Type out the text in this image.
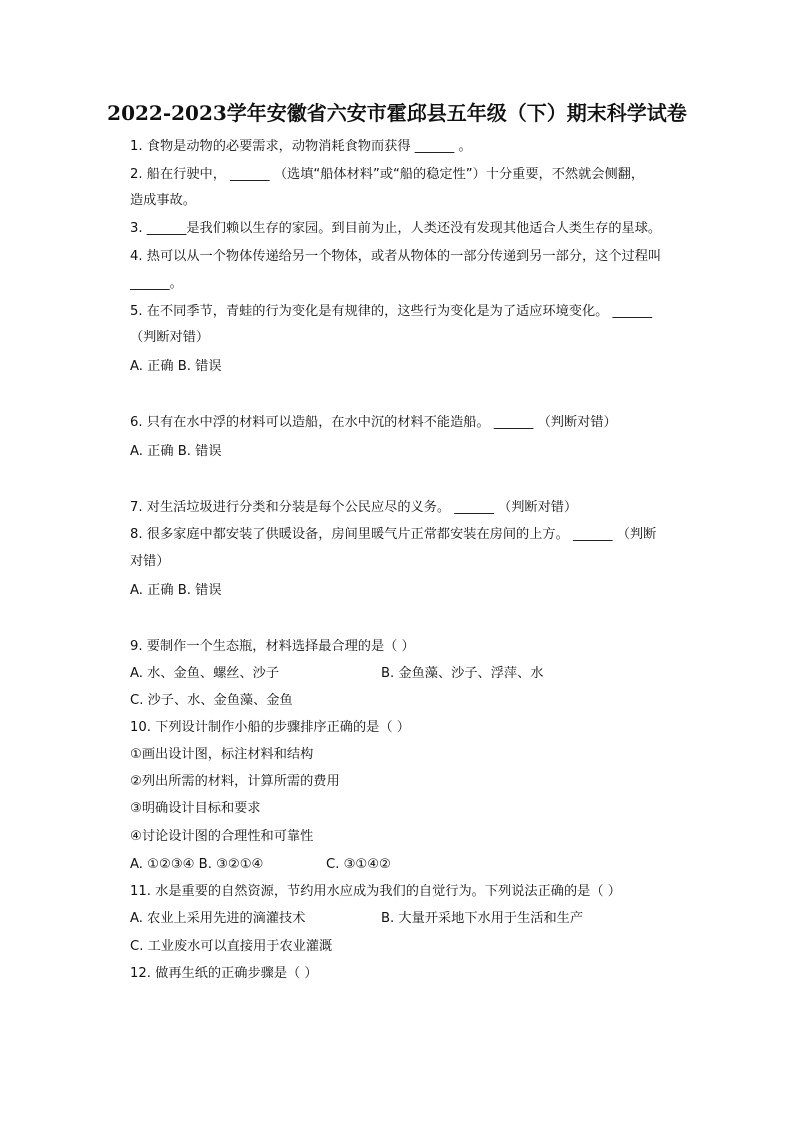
2022-2023学年安徽省六安市霍邱县五年级（下）期末科学试卷
1. 食物是动物的必要需求，动物消耗食物而获得 ______ 。
2. 船在行驶中， ______ （选填“船体材料”或“船的稳定性”）十分重要，不然就会侧翻，
造成事故。
3. ______是我们赖以生存的家园。到目前为止，人类还没有发现其他适合人类生存的星球。
4. 热可以从一个物体传递给另一个物体，或者从物体的一部分传递到另一部分，这个过程叫
______。
5. 在不同季节，青蛙的行为变化是有规律的，这些行为变化是为了适应环境变化。 ______
（判断对错）
A. 正确 B. 错误
6. 只有在水中浮的材料可以造船，在水中沉的材料不能造船。 ______ （判断对错）
A. 正确 B. 错误
7. 对生活垃圾进行分类和分装是每个公民应尽的义务。 ______ （判断对错）
8. 很多家庭中都安装了供暖设备，房间里暖气片正常都安装在房间的上方。 ______ （判断
对错）
A. 正确 B. 错误
9. 要制作一个生态瓶，材料选择最合理的是（ ）
A. 水、金鱼、螺丝、沙子	B. 金鱼藻、沙子、浮萍、水
C. 沙子、水、金鱼藻、金鱼
10. 下列设计制作小船的步骤排序正确的是（ ）
①画出设计图，标注材料和结构
②列出所需的材料，计算所需的费用
③明确设计目标和要求
④讨论设计图的合理性和可靠性
A. ①②③④ B. ③②①④	C. ③①④②
11. 水是重要的自然资源，节约用水应成为我们的自觉行为。下列说法正确的是（ ）
A. 农业上采用先进的滴灌技术	B. 大量开采地下水用于生活和生产
C. 工业废水可以直接用于农业灌溉
12. 做再生纸的正确步骤是（ ）
